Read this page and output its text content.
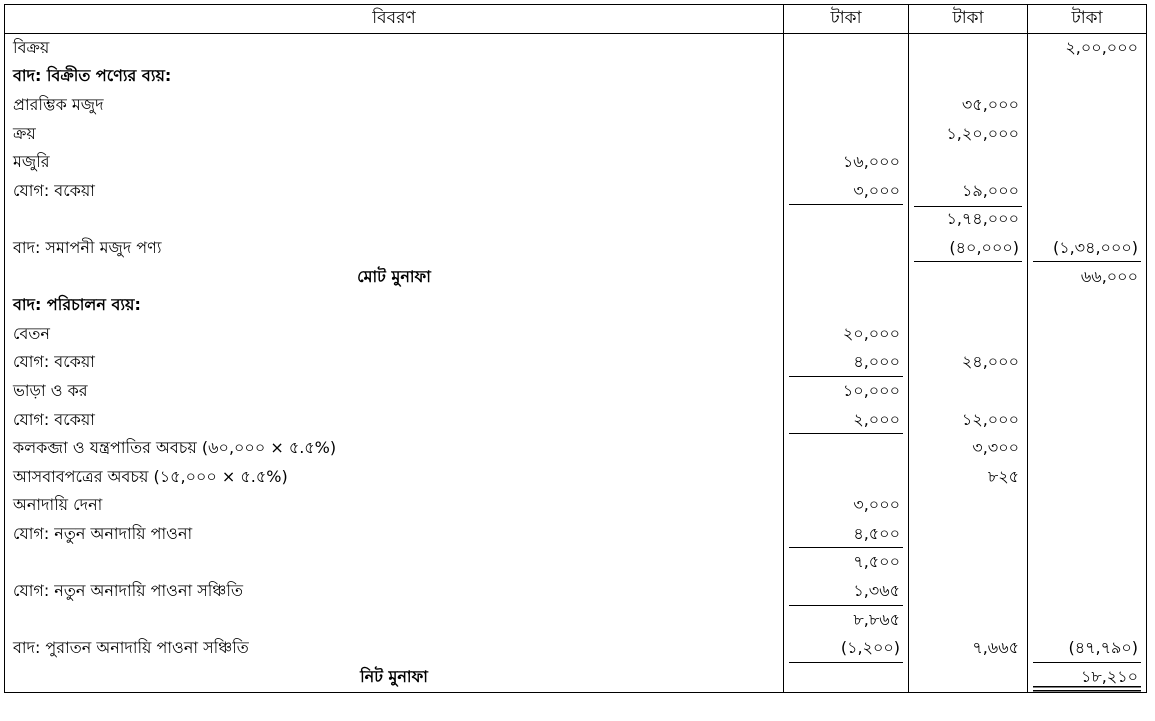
বিবরণ	টাকা	টাকা	টাকা
বিক্রয়			২,০০,০০০
বাদ: বিক্রীত পণ্যের ব্যয়:			
প্রারম্ভিক মজুদ		৩৫,০০০	
ক্রয়		১,২০,০০০	
মজুরি	১৬,০০০		
যোগ: বকেয়া	৩,০০০	১৯,০০০	
		১,৭৪,০০০	
বাদ: সমাপনী মজুদ পণ্য		(৪০,০০০)	(১,৩৪,০০০)
মোট মুনাফা			৬৬,০০০
বাদ: পরিচালন ব্যয়:			
বেতন	২০,০০০		
যোগ: বকেয়া	৪,০০০	২৪,০০০	
ভাড়া ও কর	১০,০০০		
যোগ: বকেয়া	২,০০০	১২,০০০	
কলকব্জা ও যন্ত্রপাতির অবচয় (৬০,০০০ × ৫.৫%)		৩,৩০০	
আসবাবপত্রের অবচয় (১৫,০০০ × ৫.৫%)		৮২৫	
অনাদায়ি দেনা	৩,০০০		
যোগ: নতুন অনাদায়ি পাওনা	৪,৫০০		
	৭,৫০০		
যোগ: নতুন অনাদায়ি পাওনা সঞ্চিতি	১,৩৬৫		
	৮,৮৬৫		
বাদ: পুরাতন অনাদায়ি পাওনা সঞ্চিতি	(১,২০০)	৭,৬৬৫	(৪৭,৭৯০)
নিট মুনাফা			১৮,২১০
